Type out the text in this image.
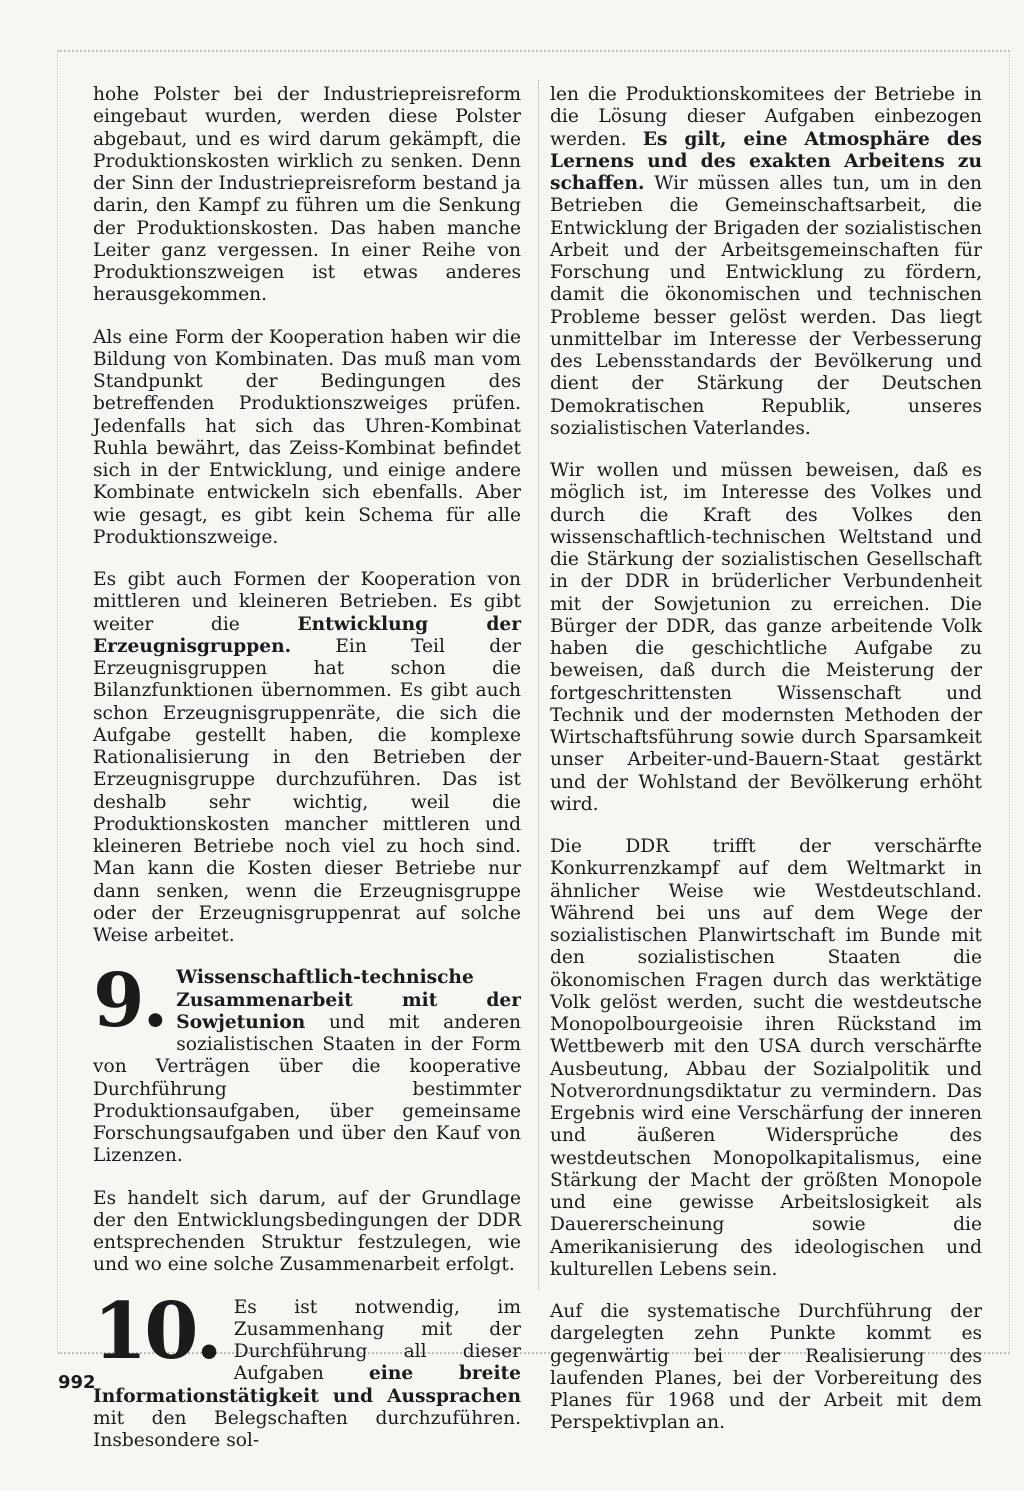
hohe Polster bei der Industriepreisreform eingebaut wurden, werden diese Polster abgebaut, und es wird darum gekämpft, die Produktionskosten wirklich zu senken. Denn der Sinn der Industriepreisreform bestand ja darin, den Kampf zu führen um die Senkung der Produktionskosten. Das haben manche Leiter ganz vergessen. In einer Reihe von Produktionszweigen ist etwas anderes herausgekommen.

Als eine Form der Kooperation haben wir die Bildung von Kombinaten. Das muß man vom Standpunkt der Bedingungen des betreffenden Produktionszweiges prüfen. Jedenfalls hat sich das Uhren-Kombinat Ruhla bewährt, das Zeiss-Kombinat befindet sich in der Entwicklung, und einige andere Kombinate entwickeln sich ebenfalls. Aber wie gesagt, es gibt kein Schema für alle Produktionszweige.

Es gibt auch Formen der Kooperation von mittleren und kleineren Betrieben. Es gibt weiter die Entwicklung der Erzeugnisgruppen. Ein Teil der Erzeugnisgruppen hat schon die Bilanzfunktionen übernommen. Es gibt auch schon Erzeugnisgruppenräte, die sich die Aufgabe gestellt haben, die komplexe Rationalisierung in den Betrieben der Erzeugnisgruppe durchzuführen. Das ist deshalb sehr wichtig, weil die Produktionskosten mancher mittleren und kleineren Betriebe noch viel zu hoch sind. Man kann die Kosten dieser Betriebe nur dann senken, wenn die Erzeugnisgruppe oder der Erzeugnisgruppenrat auf solche Weise arbeitet.

9. Wissenschaftlich-technische Zusammenarbeit mit der Sowjetunion und mit anderen sozialistischen Staaten in der Form von Verträgen über die kooperative Durchführung bestimmter Produktionsaufgaben, über gemeinsame Forschungsaufgaben und über den Kauf von Lizenzen.

Es handelt sich darum, auf der Grundlage der den Entwicklungsbedingungen der DDR entsprechenden Struktur festzulegen, wie und wo eine solche Zusammenarbeit erfolgt.

10. Es ist notwendig, im Zusammenhang mit der Durchführung all dieser Aufgaben eine breite Informationstätigkeit und Aussprachen mit den Belegschaften durchzuführen. Insbesondere sol-

len die Produktionskomitees der Betriebe in die Lösung dieser Aufgaben einbezogen werden. Es gilt, eine Atmosphäre des Lernens und des exakten Arbeitens zu schaffen. Wir müssen alles tun, um in den Betrieben die Gemeinschaftsarbeit, die Entwicklung der Brigaden der sozialistischen Arbeit und der Arbeitsgemeinschaften für Forschung und Entwicklung zu fördern, damit die ökonomischen und technischen Probleme besser gelöst werden. Das liegt unmittelbar im Interesse der Verbesserung des Lebensstandards der Bevölkerung und dient der Stärkung der Deutschen Demokratischen Republik, unseres sozialistischen Vaterlandes.

Wir wollen und müssen beweisen, daß es möglich ist, im Interesse des Volkes und durch die Kraft des Volkes den wissenschaftlich-technischen Weltstand und die Stärkung der sozialistischen Gesellschaft in der DDR in brüderlicher Verbundenheit mit der Sowjetunion zu erreichen. Die Bürger der DDR, das ganze arbeitende Volk haben die geschichtliche Aufgabe zu beweisen, daß durch die Meisterung der fortgeschrittensten Wissenschaft und Technik und der modernsten Methoden der Wirtschaftsführung sowie durch Sparsamkeit unser Arbeiter-und-Bauern-Staat gestärkt und der Wohlstand der Bevölkerung erhöht wird.

Die DDR trifft der verschärfte Konkurrenzkampf auf dem Weltmarkt in ähnlicher Weise wie Westdeutschland. Während bei uns auf dem Wege der sozialistischen Planwirtschaft im Bunde mit den sozialistischen Staaten die ökonomischen Fragen durch das werktätige Volk gelöst werden, sucht die westdeutsche Monopolbourgeoisie ihren Rückstand im Wettbewerb mit den USA durch verschärfte Ausbeutung, Abbau der Sozialpolitik und Notverordnungsdiktatur zu vermindern. Das Ergebnis wird eine Verschärfung der inneren und äußeren Widersprüche des westdeutschen Monopolkapitalismus, eine Stärkung der Macht der größten Monopole und eine gewisse Arbeitslosigkeit als Dauererscheinung sowie die Amerikanisierung des ideologischen und kulturellen Lebens sein.

Auf die systematische Durchführung der dargelegten zehn Punkte kommt es gegenwärtig bei der Realisierung des laufenden Planes, bei der Vorbereitung des Planes für 1968 und der Arbeit mit dem Perspektivplan an.

992
